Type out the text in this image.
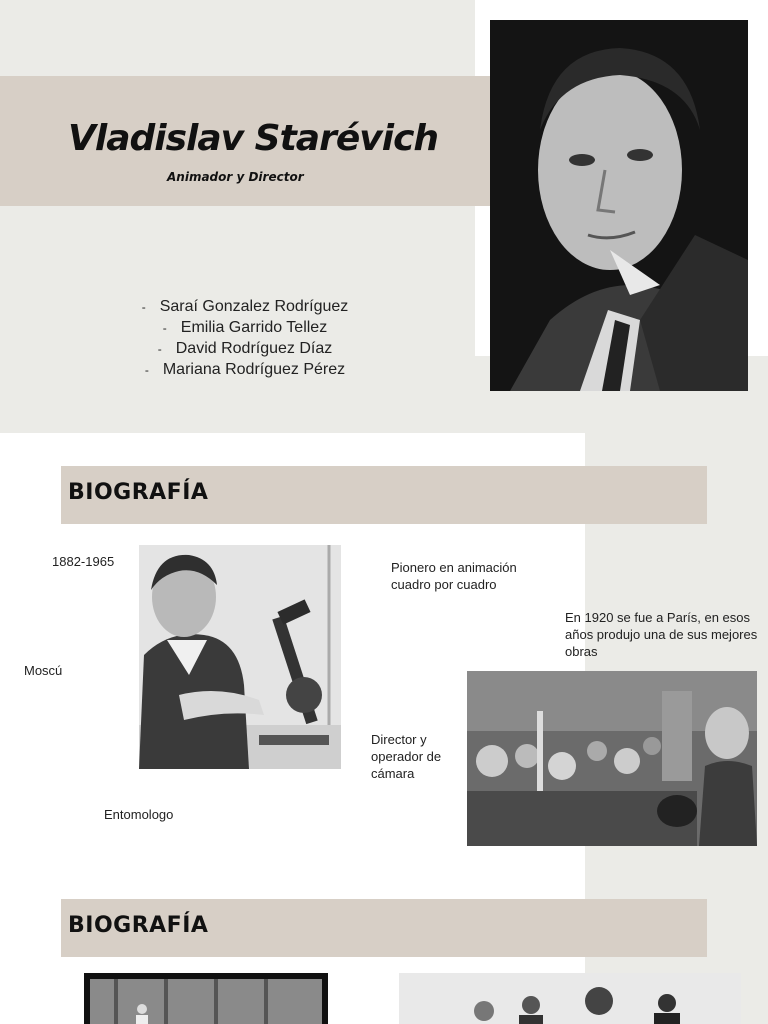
Vladislav Starévich
Animador y Director
- Saraí Gonzalez Rodríguez
- Emilia Garrido Tellez
- David Rodríguez Díaz
- Mariana Rodríguez Pérez
BIOGRAFÍA
1882-1965
Moscú
Entomologo
Pionero en animación cuadro por cuadro
En 1920 se fue a París, en esos años produjo una de sus mejores obras
Director y operador de cámara
BIOGRAFÍA
